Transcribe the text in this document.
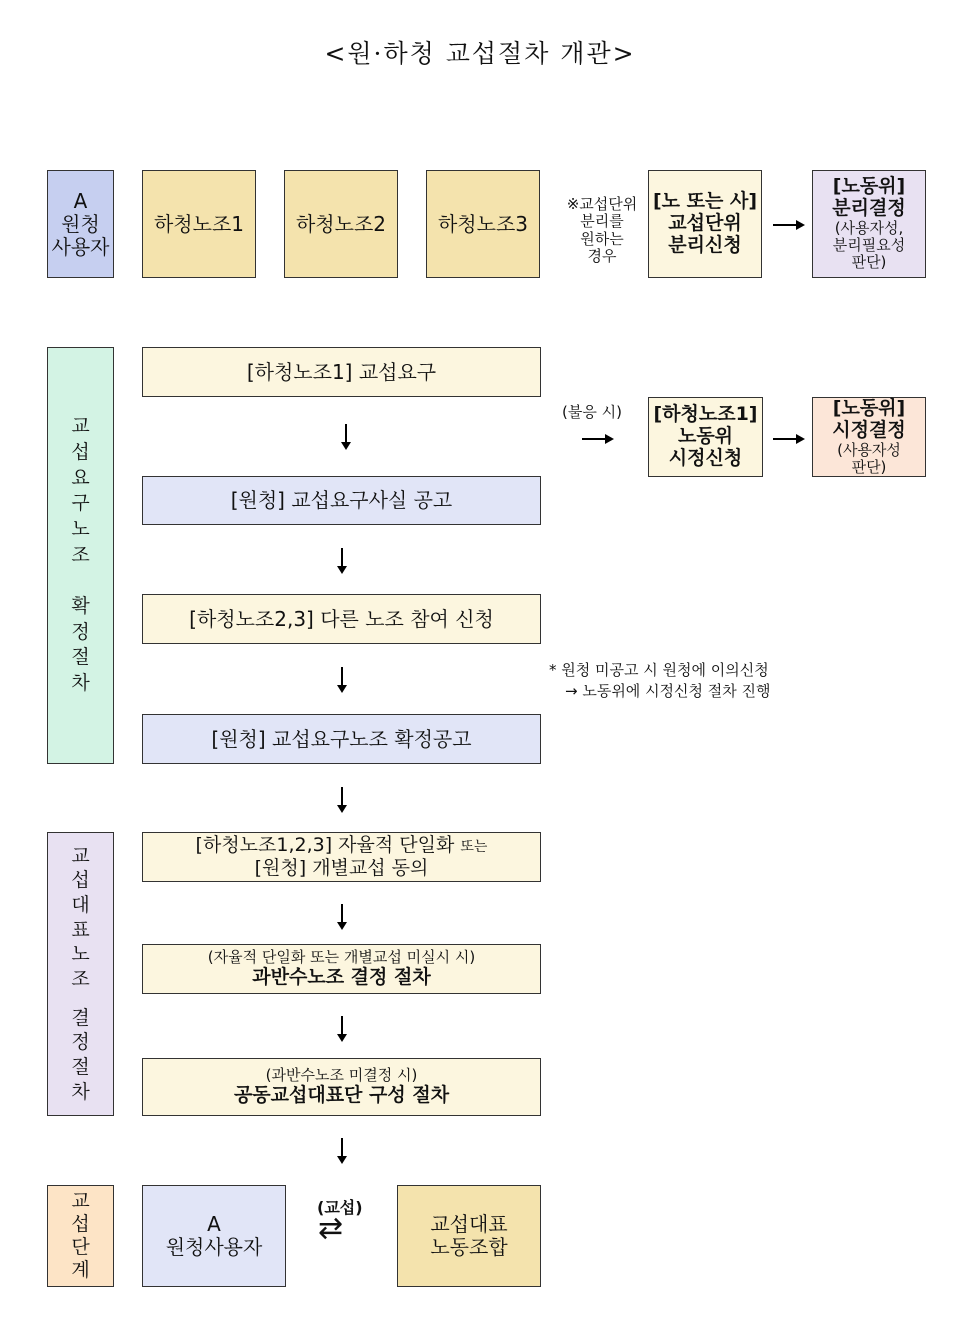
<원·하청 교섭절차 개관>
A
원청
사용자
하청노조1	하청노조2	하청노조3
※교섭단위
분리를
원하는
경우
[노 또는 사]
교섭단위
분리신청
[노동위]
분리결정
(사용자성,
분리필요성
판단)
교
섭
요
구
노
조
확
정
절
차
[하청노조1] 교섭요구
[원청] 교섭요구사실 공고
[하청노조2,3] 다른 노조 참여 신청
[원청] 교섭요구노조 확정공고
(불응 시) [하청노조1]
노동위
시정신청
[노동위]
시정결정
(사용자성
판단)
* 원청 미공고 시 원청에 이의신청
→ 노동위에 시정신청 절차 진행
교
섭
대
표
노
조
결
정
절
차
[하청노조1,2,3] 자율적 단일화 또는
[원청] 개별교섭 동의
(자율적 단일화 또는 개별교섭 미실시 시)
과반수노조 결정 절차
(과반수노조 미결정 시)
공동교섭대표단 구성 절차
교
섭
단
계
A
원청사용자
(교섭)
⇄	교섭대표
노동조합
